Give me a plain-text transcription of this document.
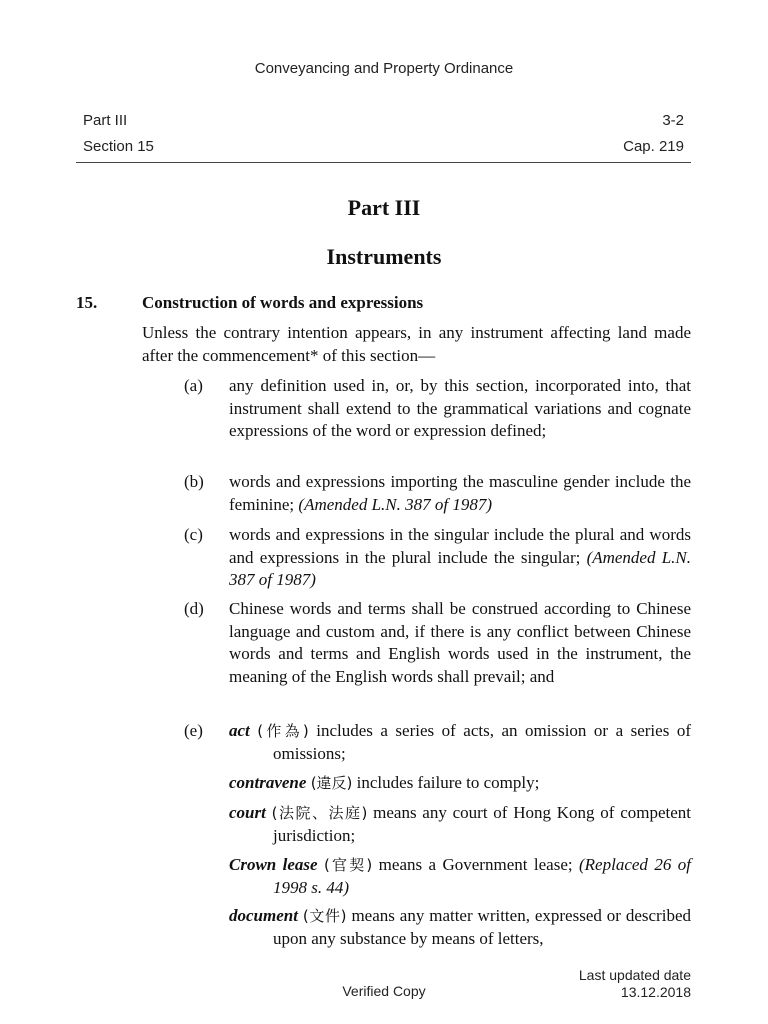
Conveyancing and Property Ordinance
Part III	3-2
Section 15	Cap. 219
Part III
Instruments
15.	Construction of words and expressions
Unless the contrary intention appears, in any instrument affecting land made after the commencement* of this section—
(a) any definition used in, or, by this section, incorporated into, that instrument shall extend to the grammatical variations and cognate expressions of the word or expression defined;
(b) words and expressions importing the masculine gender include the feminine; (Amended L.N. 387 of 1987)
(c) words and expressions in the singular include the plural and words and expressions in the plural include the singular; (Amended L.N. 387 of 1987)
(d) Chinese words and terms shall be construed according to Chinese language and custom and, if there is any conflict between Chinese words and terms and English words used in the instrument, the meaning of the English words shall prevail; and
(e) act (作為) includes a series of acts, an omission or a series of omissions;
contravene (違反) includes failure to comply;
court (法院、法庭) means any court of Hong Kong of competent jurisdiction;
Crown lease (官契) means a Government lease; (Replaced 26 of 1998 s. 44)
document (文件) means any matter written, expressed or described upon any substance by means of letters,
Verified Copy
Last updated date
13.12.2018
